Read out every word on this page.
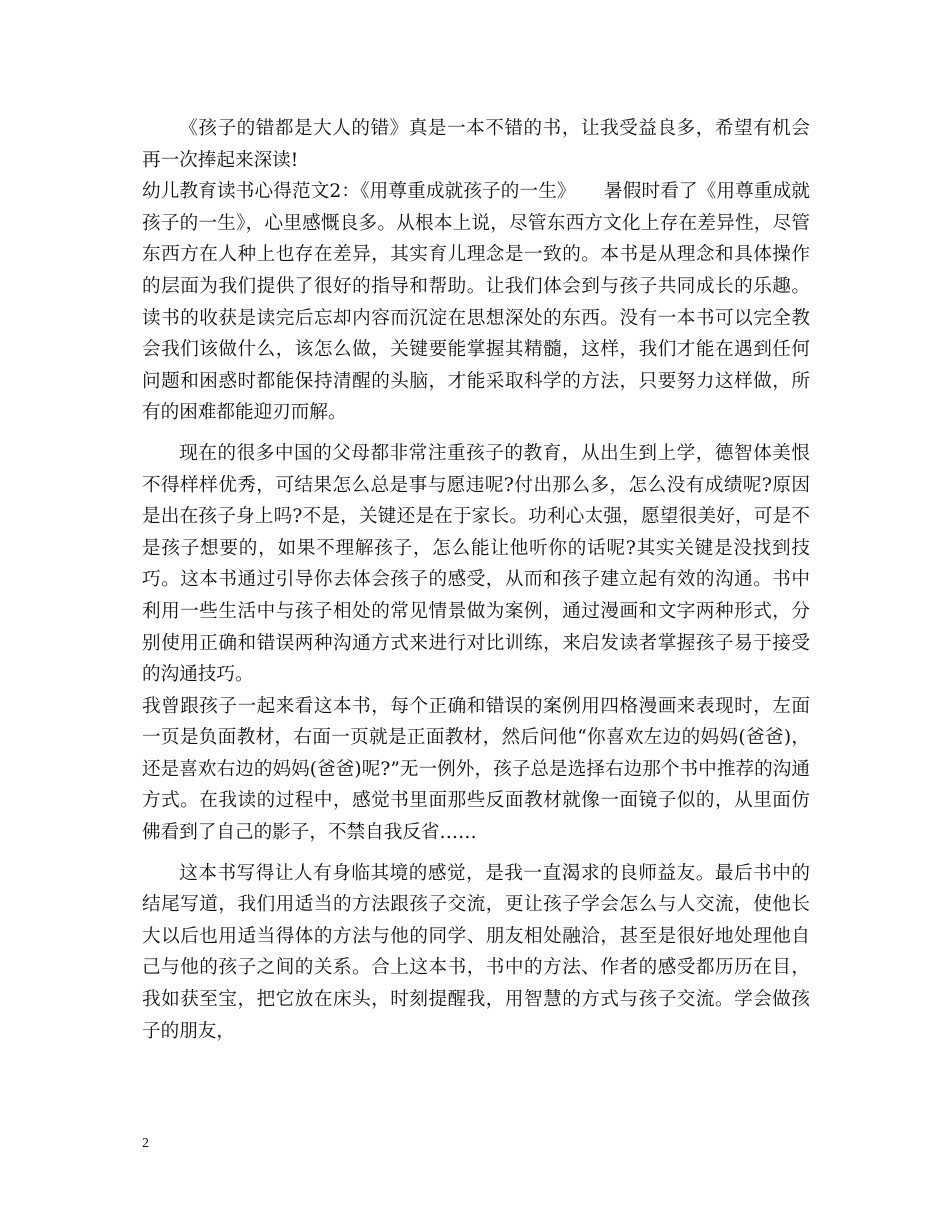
《孩子的错都是大人的错》真是一本不错的书，让我受益良多，希望有机会再一次捧起来深读!

幼儿教育读书心得范文2：《用尊重成就孩子的一生》　　暑假时看了《用尊重成就孩子的一生》，心里感慨良多。从根本上说，尽管东西方文化上存在差异性，尽管东西方在人种上也存在差异，其实育儿理念是一致的。本书是从理念和具体操作的层面为我们提供了很好的指导和帮助。让我们体会到与孩子共同成长的乐趣。读书的收获是读完后忘却内容而沉淀在思想深处的东西。没有一本书可以完全教会我们该做什么，该怎么做，关键要能掌握其精髓，这样，我们才能在遇到任何问题和困惑时都能保持清醒的头脑，才能采取科学的方法，只要努力这样做，所有的困难都能迎刃而解。

现在的很多中国的父母都非常注重孩子的教育，从出生到上学，德智体美恨不得样样优秀，可结果怎么总是事与愿违呢?付出那么多，怎么没有成绩呢?原因是出在孩子身上吗?不是，关键还是在于家长。功利心太强，愿望很美好，可是不是孩子想要的，如果不理解孩子，怎么能让他听你的话呢?其实关键是没找到技巧。这本书通过引导你去体会孩子的感受，从而和孩子建立起有效的沟通。书中利用一些生活中与孩子相处的常见情景做为案例，通过漫画和文字两种形式，分别使用正确和错误两种沟通方式来进行对比训练，来启发读者掌握孩子易于接受的沟通技巧。

我曾跟孩子一起来看这本书，每个正确和错误的案例用四格漫画来表现时，左面一页是负面教材，右面一页就是正面教材，然后问他“你喜欢左边的妈妈(爸爸)，还是喜欢右边的妈妈(爸爸)呢?”无一例外，孩子总是选择右边那个书中推荐的沟通方式。在我读的过程中，感觉书里面那些反面教材就像一面镜子似的，从里面仿佛看到了自己的影子，不禁自我反省……

这本书写得让人有身临其境的感觉，是我一直渴求的良师益友。最后书中的结尾写道，我们用适当的方法跟孩子交流，更让孩子学会怎么与人交流，使他长大以后也用适当得体的方法与他的同学、朋友相处融洽，甚至是很好地处理他自己与他的孩子之间的关系。合上这本书，书中的方法、作者的感受都历历在目，我如获至宝，把它放在床头，时刻提醒我，用智慧的方式与孩子交流。学会做孩子的朋友，

2
